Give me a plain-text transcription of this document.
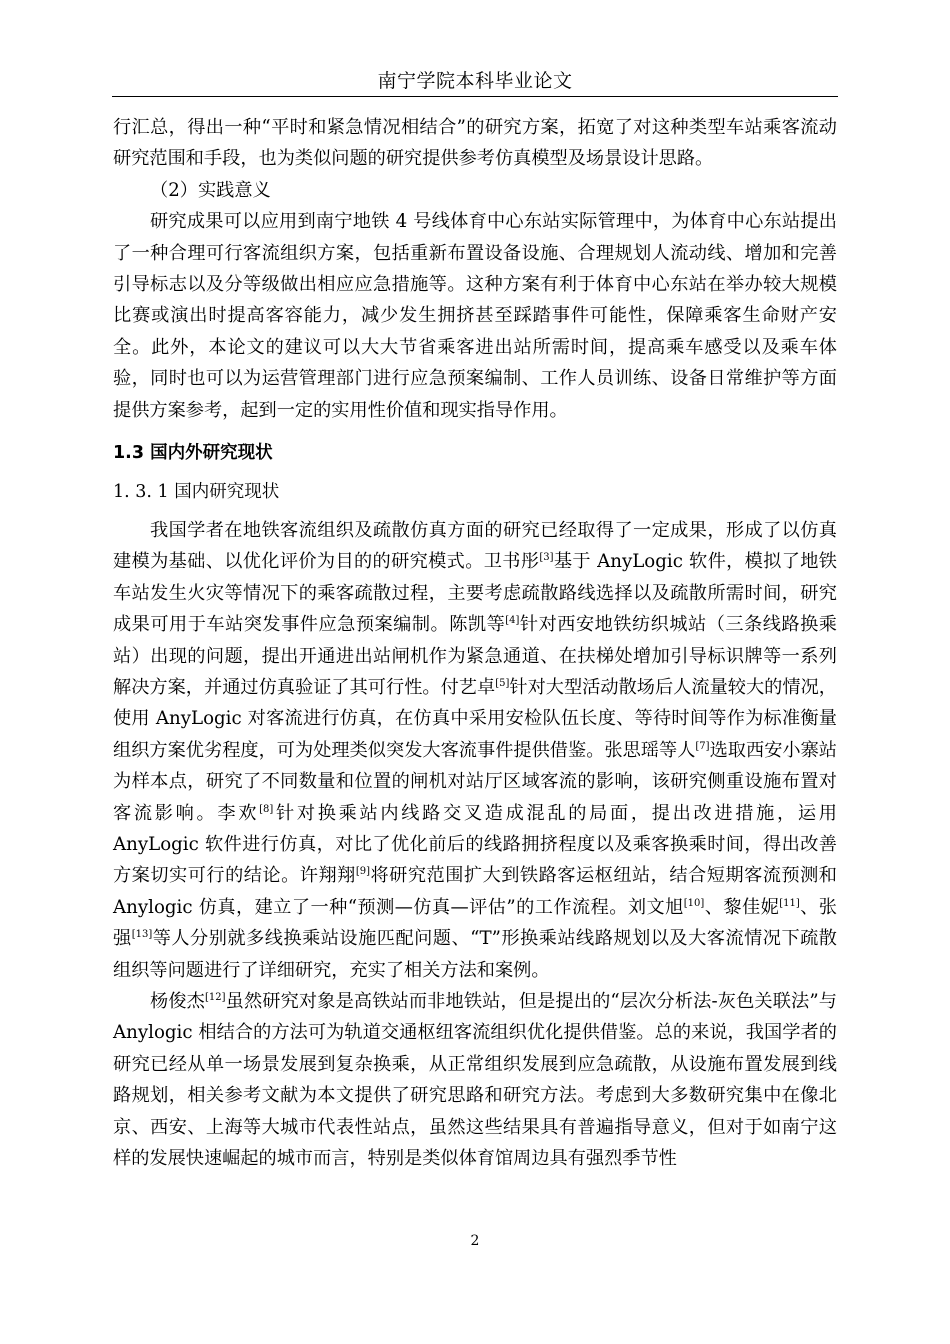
南宁学院本科毕业论文

行汇总，得出一种“平时和紧急情况相结合”的研究方案，拓宽了对这种类型车站乘客流动研究范围和手段，也为类似问题的研究提供参考仿真模型及场景设计思路。

（2）实践意义

研究成果可以应用到南宁地铁 4 号线体育中心东站实际管理中，为体育中心东站提出了一种合理可行客流组织方案，包括重新布置设备设施、合理规划人流动线、增加和完善引导标志以及分等级做出相应应急措施等。这种方案有利于体育中心东站在举办较大规模比赛或演出时提高客容能力，减少发生拥挤甚至踩踏事件可能性，保障乘客生命财产安全。此外，本论文的建议可以大大节省乘客进出站所需时间，提高乘车感受以及乘车体验，同时也可以为运营管理部门进行应急预案编制、工作人员训练、设备日常维护等方面提供方案参考，起到一定的实用性价值和现实指导作用。

1.3 国内外研究现状
1. 3. 1 国内研究现状

我国学者在地铁客流组织及疏散仿真方面的研究已经取得了一定成果，形成了以仿真建模为基础、以优化评价为目的的研究模式。卫书彤[3]基于 AnyLogic 软件，模拟了地铁车站发生火灾等情况下的乘客疏散过程，主要考虑疏散路线选择以及疏散所需时间，研究成果可用于车站突发事件应急预案编制。陈凯等[4]针对西安地铁纺织城站（三条线路换乘站）出现的问题，提出开通进出站闸机作为紧急通道、在扶梯处增加引导标识牌等一系列解决方案，并通过仿真验证了其可行性。付艺卓[5]针对大型活动散场后人流量较大的情况，使用 AnyLogic 对客流进行仿真，在仿真中采用安检队伍长度、等待时间等作为标准衡量组织方案优劣程度，可为处理类似突发大客流事件提供借鉴。张思瑶等人[7]选取西安小寨站为样本点，研究了不同数量和位置的闸机对站厅区域客流的影响，该研究侧重设施布置对客流影响。李欢[8]针对换乘站内线路交叉造成混乱的局面，提出改进措施，运用 AnyLogic 软件进行仿真，对比了优化前后的线路拥挤程度以及乘客换乘时间，得出改善方案切实可行的结论。许翔翔[9]将研究范围扩大到铁路客运枢纽站，结合短期客流预测和 Anylogic 仿真，建立了一种“预测—仿真—评估”的工作流程。刘文旭[10]、黎佳妮[11]、张强[13]等人分别就多线换乘站设施匹配问题、“T”形换乘站线路规划以及大客流情况下疏散组织等问题进行了详细研究，充实了相关方法和案例。

杨俊杰[12]虽然研究对象是高铁站而非地铁站，但是提出的“层次分析法-灰色关联法”与 Anylogic 相结合的方法可为轨道交通枢纽客流组织优化提供借鉴。总的来说，我国学者的研究已经从单一场景发展到复杂换乘，从正常组织发展到应急疏散，从设施布置发展到线路规划，相关参考文献为本文提供了研究思路和研究方法。考虑到大多数研究集中在像北京、西安、上海等大城市代表性站点，虽然这些结果具有普遍指导意义，但对于如南宁这样的发展快速崛起的城市而言，特别是类似体育馆周边具有强烈季节性

2
